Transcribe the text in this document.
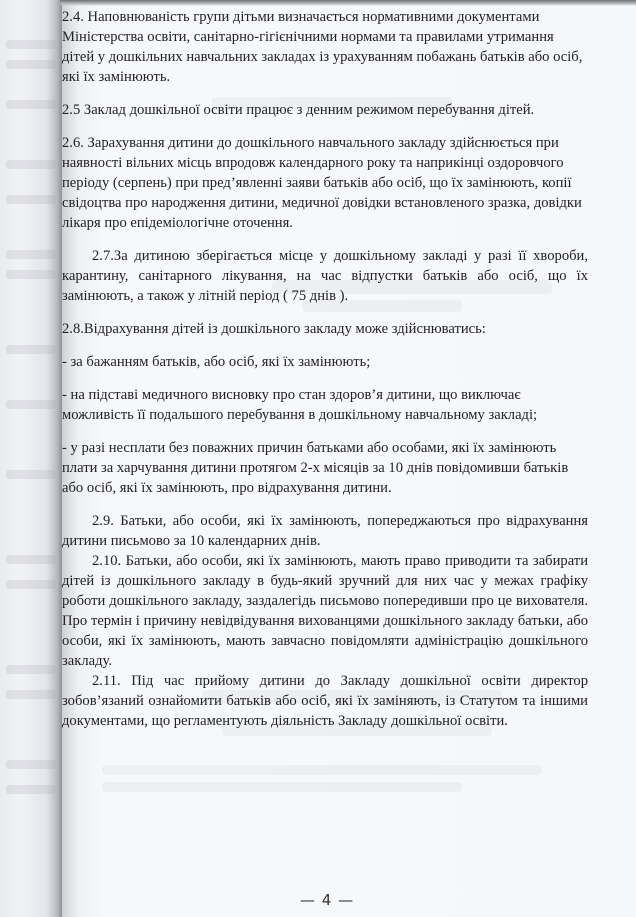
2.4. Наповнюваність групи дітьми визначається нормативними документами Міністерства освіти, санітарно-гігієнічними нормами та правилами утримання дітей у дошкільних навчальних закладах із урахуванням побажань батьків або осіб, які їх замінюють.

2.5 Заклад дошкільної освіти працює з денним режимом перебування дітей.

2.6. Зарахування дитини до дошкільного навчального закладу здійснюється при наявності вільних місць впродовж календарного року та наприкінці оздоровчого періоду (серпень) при пред’явленні заяви батьків або осіб, що їх замінюють, копії свідоцтва про народження дитини, медичної довідки встановленого зразка, довідки лікаря про епідеміологічне оточення.

2.7.За дитиною зберігається місце у дошкільному закладі у разі її хвороби, карантину, санітарного лікування, на час відпустки батьків або осіб, що їх замінюють, а також у літній період ( 75 днів ).

2.8.Відрахування дітей із дошкільного закладу може здійснюватись:

- за бажанням батьків, або осіб, які їх замінюють;

- на підставі медичного висновку про стан здоров’я дитини, що виключає можливість її подальшого перебування в дошкільному навчальному закладі;

- у разі несплати без поважних причин батьками або особами, які їх замінюють плати за харчування дитини протягом 2-х місяців за 10 днів повідомивши батьків або осіб, які їх замінюють, про відрахування дитини.

2.9. Батьки, або особи, які їх замінюють, попереджаються про відрахування дитини письмово за 10 календарних днів.

2.10. Батьки, або особи, які їх замінюють, мають право приводити та забирати дітей із дошкільного закладу в будь-який зручний для них час у межах графіку роботи дошкільного закладу, заздалегідь письмово попередивши про це вихователя. Про термін і причину невідвідування вихованцями дошкільного закладу батьки, або особи, які їх замінюють, мають завчасно повідомляти адміністрацію дошкільного закладу.

2.11. Під час прийому дитини до Закладу дошкільної освіти директор зобов’язаний ознайомити батьків або осіб, які їх заміняють, із Статутом та іншими документами, що регламентують діяльність Закладу дошкільної освіти.

— 4 —
